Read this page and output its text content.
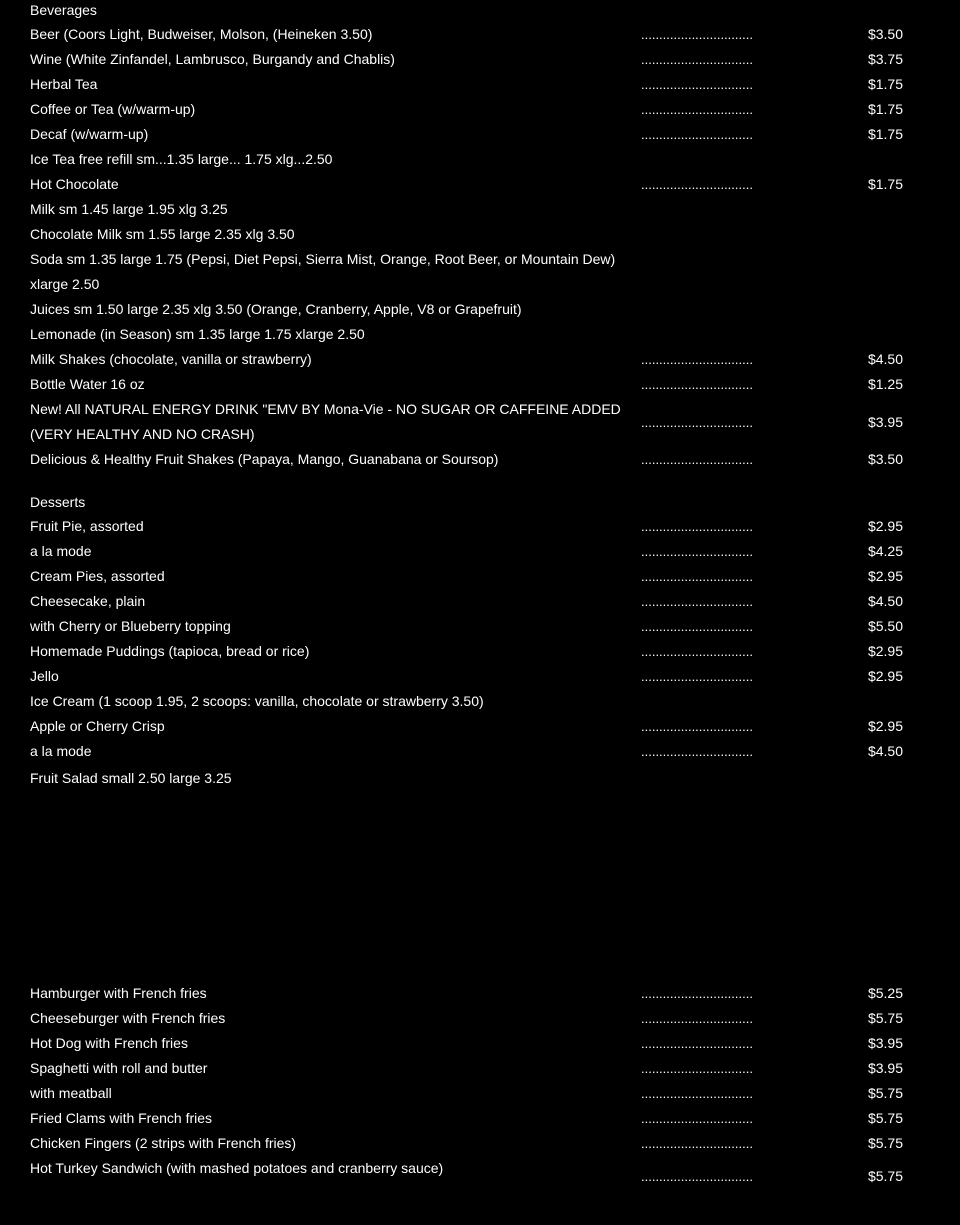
Beverages
Beer (Coors Light, Budweiser, Molson, (Heineken 3.50)	...............................	$3.50
Wine (White Zinfandel, Lambrusco, Burgandy and Chablis)	...............................	$3.75
Herbal Tea	...............................	$1.75
Coffee or Tea (w/warm-up)	...............................	$1.75
Decaf (w/warm-up)	...............................	$1.75
Ice Tea free refill sm...1.35 large... 1.75 xlg...2.50
Hot Chocolate	...............................	$1.75
Milk sm 1.45 large 1.95 xlg 3.25
Chocolate Milk sm 1.55 large 2.35 xlg 3.50
Soda sm 1.35 large 1.75 (Pepsi, Diet Pepsi, Sierra Mist, Orange, Root Beer, or Mountain Dew)
xlarge 2.50
Juices sm 1.50 large 2.35 xlg 3.50 (Orange, Cranberry, Apple, V8 or Grapefruit)
Lemonade (in Season) sm 1.35 large 1.75 xlarge 2.50
Milk Shakes (chocolate, vanilla or strawberry)	...............................	$4.50
Bottle Water 16 oz	...............................	$1.25
New! All NATURAL ENERGY DRINK "EMV BY Mona-Vie - NO SUGAR OR CAFFEINE ADDED (VERY HEALTHY AND NO CRASH)
...............................	$3.95
Delicious & Healthy Fruit Shakes (Papaya, Mango, Guanabana or Soursop)	...............................	$3.50
Desserts
Fruit Pie, assorted	...............................	$2.95
a la mode	...............................	$4.25
Cream Pies, assorted	...............................	$2.95
Cheesecake, plain	...............................	$4.50
with Cherry or Blueberry topping	...............................	$5.50
Homemade Puddings (tapioca, bread or rice)	...............................	$2.95
Jello	...............................	$2.95
Ice Cream (1 scoop 1.95, 2 scoops: vanilla, chocolate or strawberry 3.50)
Apple or Cherry Crisp	...............................	$2.95
a la mode	...............................	$4.50
Fruit Salad small 2.50 large 3.25
Hamburger with French fries	...............................	$5.25
Cheeseburger with French fries	...............................	$5.75
Hot Dog with French fries	...............................	$3.95
Spaghetti with roll and butter	...............................	$3.95
with meatball	...............................	$5.75
Fried Clams with French fries	...............................	$5.75
Chicken Fingers (2 strips with French fries)	...............................	$5.75
Hot Turkey Sandwich (with mashed potatoes and cranberry sauce)
...............................	$5.75
